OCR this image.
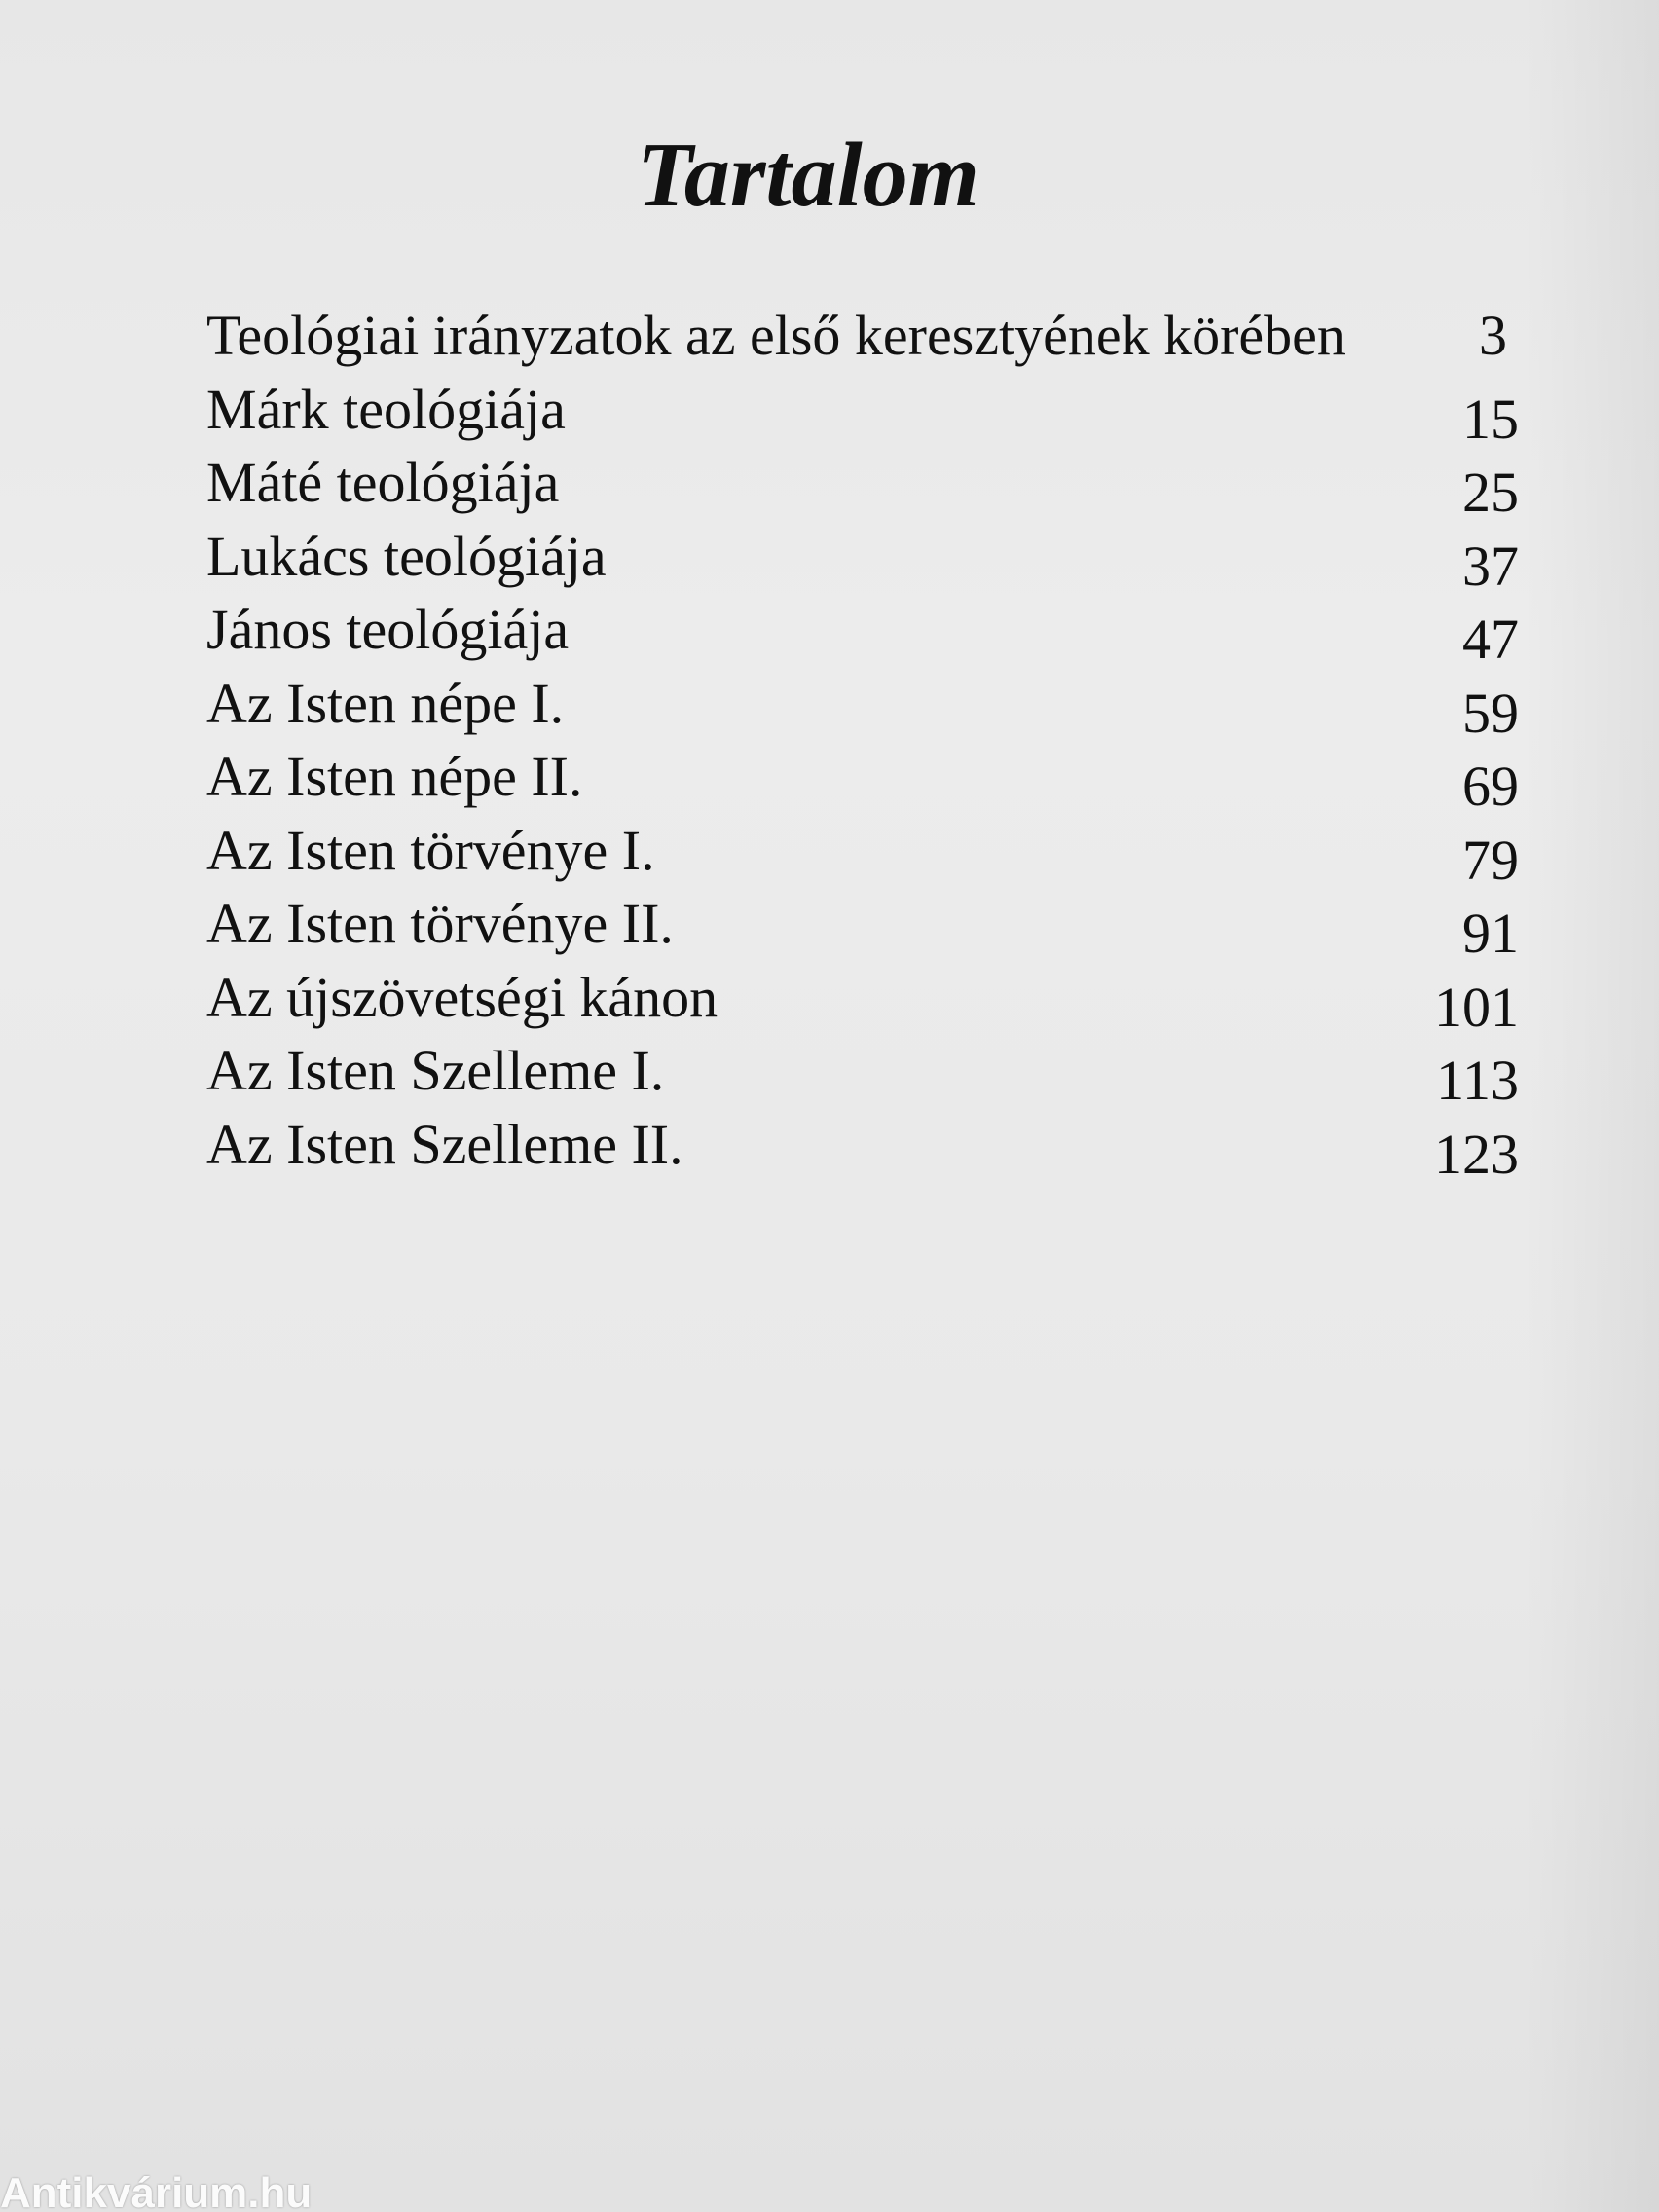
Tartalom
Teológiai irányzatok az első keresztyének körében 3
Márk teológiája	15
Máté teológiája	25
Lukács teológiája	37
János teológiája	47
Az Isten népe I.	59
Az Isten népe II.	69
Az Isten törvénye I.	79
Az Isten törvénye II.	91
Az újszövetségi kánon	101
Az Isten Szelleme I.	113
Az Isten Szelleme II.	123
Antikvárium.hu
